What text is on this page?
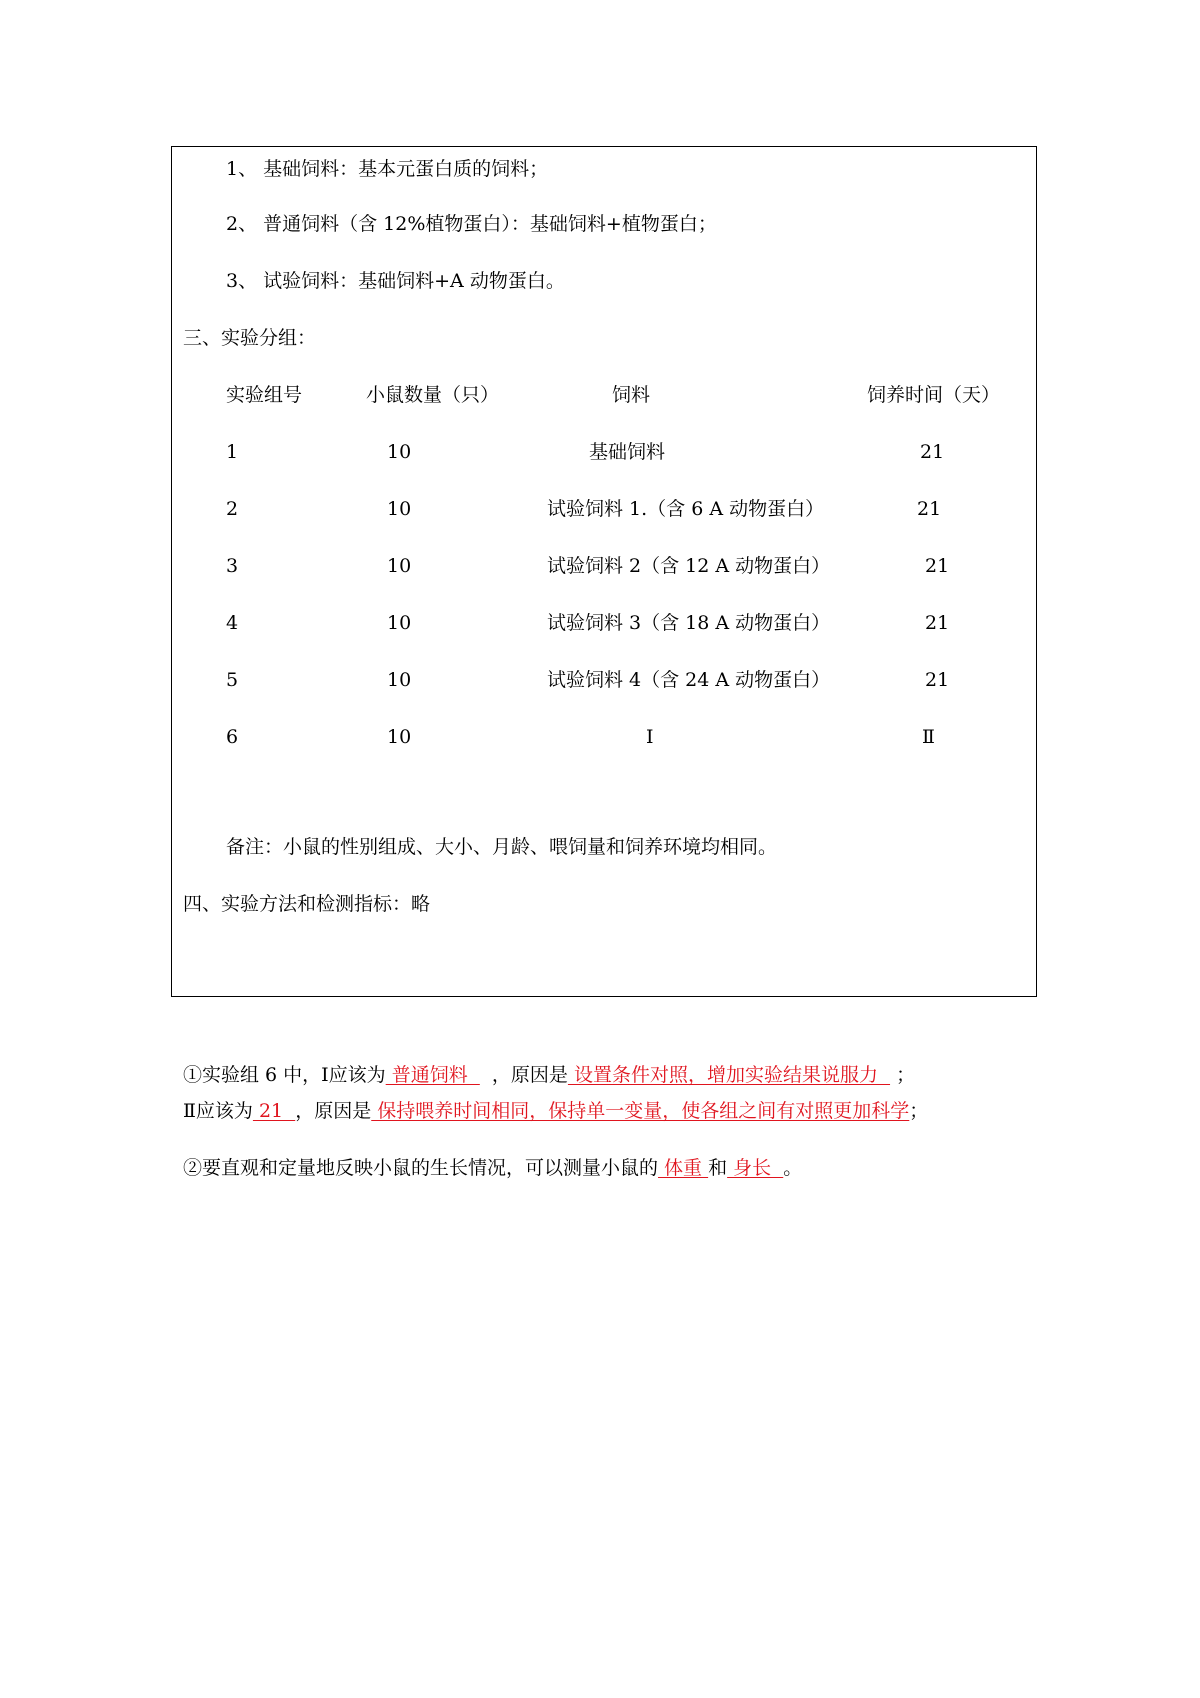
1、 基础饲料：基本元蛋白质的饲料；
2、 普通饲料（含 12%植物蛋白）：基础饲料+植物蛋白；
3、 试验饲料：基础饲料+A 动物蛋白。
三、实验分组：
实验组号	小鼠数量（只）	饲料	饲养时间（天）
1	10	基础饲料	21
2	10	试验饲料 1.（含 6 A 动物蛋白）	21
3	10	试验饲料 2（含 12 A 动物蛋白）	21
4	10	试验饲料 3（含 18 A 动物蛋白）	21
5	10	试验饲料 4（含 24 A 动物蛋白）	21
6	10	Ⅰ	Ⅱ
备注：小鼠的性别组成、大小、月龄、喂饲量和饲养环境均相同。
四、实验方法和检测指标：略
①实验组 6 中，Ⅰ应该为 普通饲料    ，原因是 设置条件对照，增加实验结果说服力   ；
Ⅱ应该为 21  ，原因是 保持喂养时间相同，保持单一变量，使各组之间有对照更加科学；
②要直观和定量地反映小鼠的生长情况，可以测量小鼠的 体重 和 身长  。
